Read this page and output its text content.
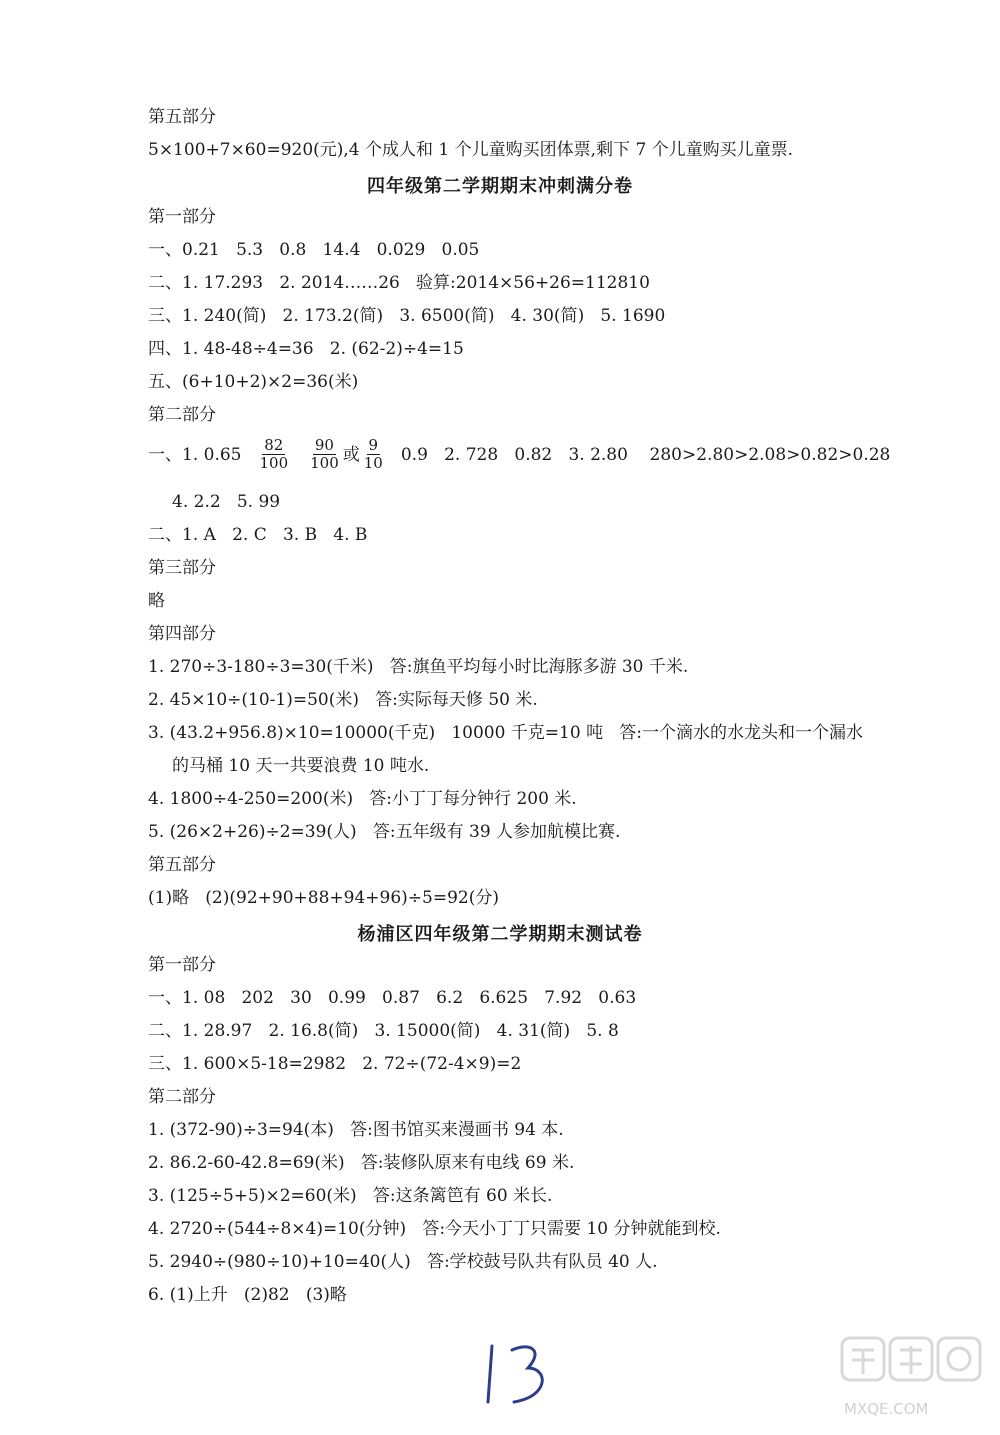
第五部分
5×100+7×60=920(元),4 个成人和 1 个儿童购买团体票,剩下 7 个儿童购买儿童票.
四年级第二学期期末冲刺满分卷
第一部分
一、0.21   5.3   0.8   14.4   0.029   0.05
二、1. 17.293   2. 2014……26   验算:2014×56+26=112810
三、1. 240(简)   2. 173.2(简)   3. 6500(简)   4. 30(简)   5. 1690
四、1. 48-48÷4=36   2. (62-2)÷4=15
五、(6+10+2)×2=36(米)
第二部分
一、1. $0.65 \frac{82}{100} \frac{90}{100}$ 或 $\frac{9}{10} 0.9$   2. 728   0.82   3. 2.80    280>2.80>2.08>0.82>0.28
4. 2.2   5. 99
二、1. A   2. C   3. B   4. B
第三部分
略
第四部分
1. 270÷3-180÷3=30(千米)   答:旗鱼平均每小时比海豚多游 30 千米.
2. 45×10÷(10-1)=50(米)   答:实际每天修 50 米.
3. (43.2+956.8)×10=10000(千克)   10000 千克=10 吨   答:一个滴水的水龙头和一个漏水
的马桶 10 天一共要浪费 10 吨水.
4. 1800÷4-250=200(米)   答:小丁丁每分钟行 200 米.
5. (26×2+26)÷2=39(人)   答:五年级有 39 人参加航模比赛.
第五部分
(1)略   (2)(92+90+88+94+96)÷5=92(分)
杨浦区四年级第二学期期末测试卷
第一部分
一、1. 08   202   30   0.99   0.87   6.2   6.625   7.92   0.63
二、1. 28.97   2. 16.8(简)   3. 15000(简)   4. 31(简)   5. 8
三、1. 600×5-18=2982   2. 72÷(72-4×9)=2
第二部分
1. (372-90)÷3=94(本)   答:图书馆买来漫画书 94 本.
2. 86.2-60-42.8=69(米)   答:装修队原来有电线 69 米.
3. (125÷5+5)×2=60(米)   答:这条篱笆有 60 米长.
4. 2720÷(544÷8×4)=10(分钟)   答:今天小丁丁只需要 10 分钟就能到校.
5. 2940÷(980÷10)+10=40(人)   答:学校鼓号队共有队员 40 人.
6. (1)上升   (2)82   (3)略
MXQE.COM
